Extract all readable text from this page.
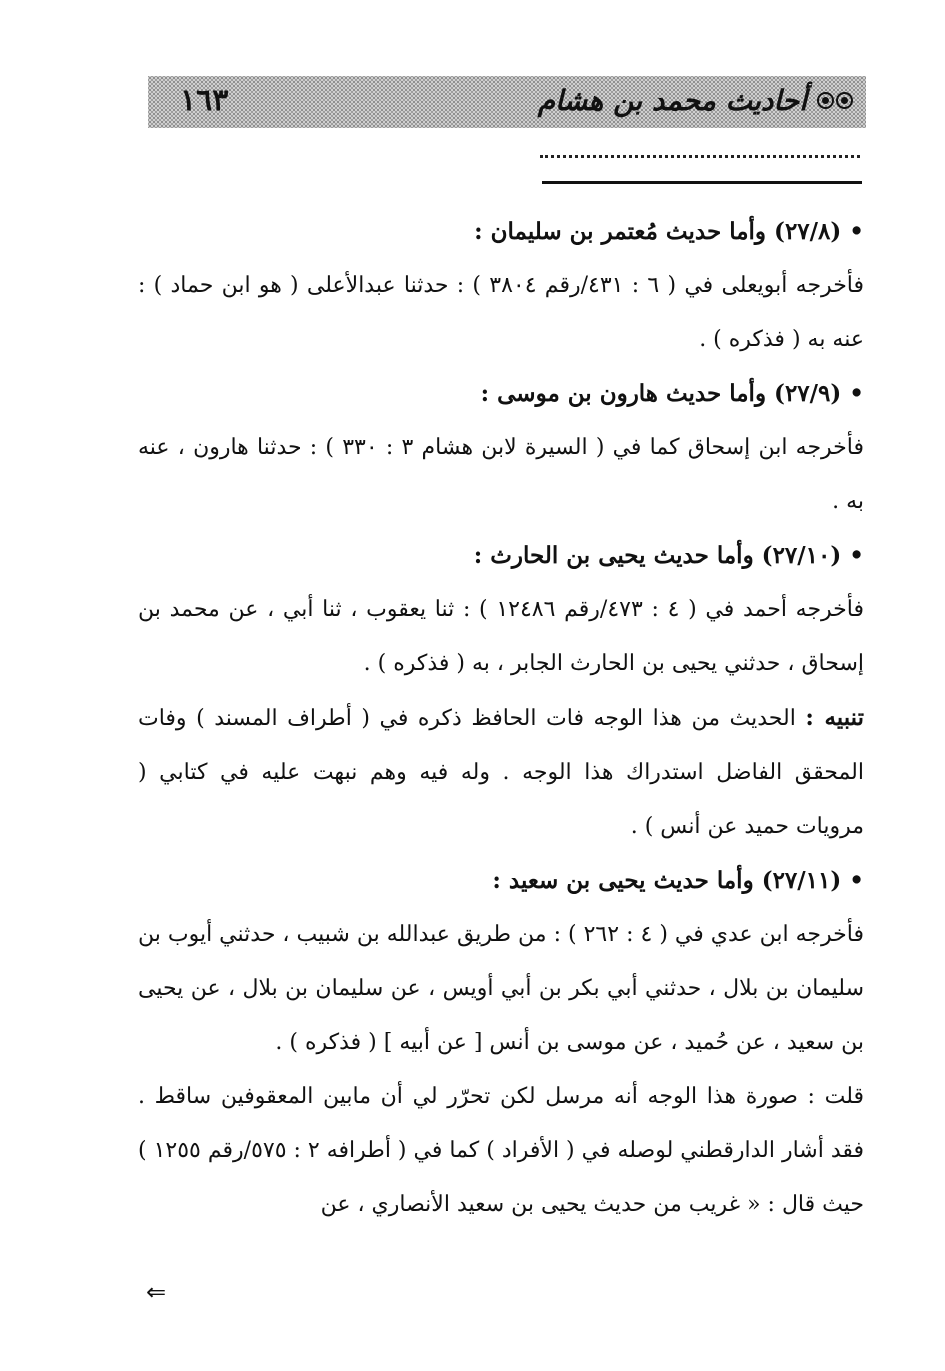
١٦٣	أحاديث محمد بن هشام

• (٢٧/٨) وأما حديث مُعتمر بن سليمان :

فأخرجه أبويعلى في ( ٦ : ٤٣١/رقم ٣٨٠٤ ) : حدثنا عبدالأعلى ( هو ابن حماد ) : عنه به ( فذكره ) .

• (٢٧/٩) وأما حديث هارون بن موسى :

فأخرجه ابن إسحاق كما في ( السيرة لابن هشام ٣ : ٣٣٠ ) : حدثنا هارون ، عنه به .

• (٢٧/١٠) وأما حديث يحيى بن الحارث :

فأخرجه أحمد في ( ٤ : ٤٧٣/رقم ١٢٤٨٦ ) : ثنا يعقوب ، ثنا أبي ، عن محمد بن إسحاق ، حدثني يحيى بن الحارث الجابر ، به ( فذكره ) .

تنبيه : الحديث من هذا الوجه فات الحافظ ذكره في ( أطراف المسند ) وفات المحقق الفاضل استدراك هذا الوجه . وله فيه وهم نبهت عليه في كتابي ( مرويات حميد عن أنس ) .

• (٢٧/١١) وأما حديث يحيى بن سعيد :

فأخرجه ابن عدي في ( ٤ : ٢٦٢ ) : من طريق عبدالله بن شبيب ، حدثني أيوب بن سليمان بن بلال ، حدثني أبي بكر بن أبي أويس ، عن سليمان بن بلال ، عن يحيى بن سعيد ، عن حُميد ، عن موسى بن أنس [ عن أبيه ] ( فذكره ) .

قلت : صورة هذا الوجه أنه مرسل لكن تحرّر لي أن مابين المعقوفين ساقط . فقد أشار الدارقطني لوصله في ( الأفراد ) كما في ( أطرافه ٢ : ٥٧٥/رقم ١٢٥٥ ) حيث قال : « غريب من حديث يحيى بن سعيد الأنصاري ، عن

⇐
